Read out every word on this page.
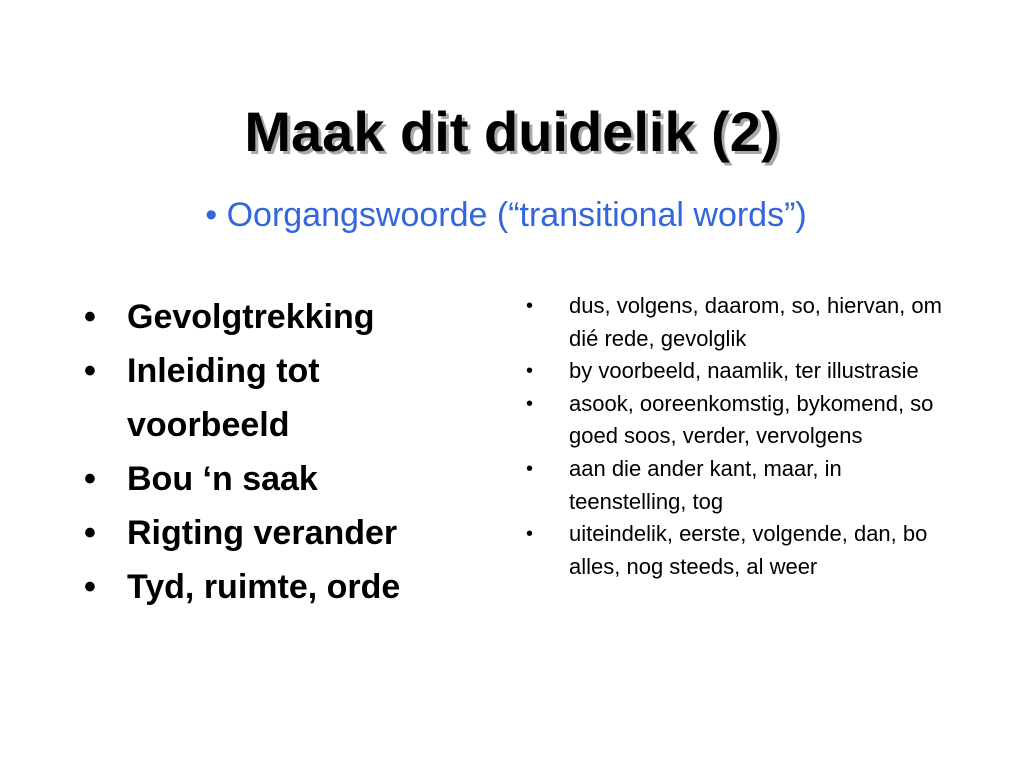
Maak dit duidelik (2)
• Oorgangswoorde (“transitional words”)
• Gevolgtrekking
• Inleiding tot voorbeeld
• Bou ‘n saak
• Rigting verander
• Tyd, ruimte, orde
•	dus, volgens, daarom, so, hiervan, om dié rede, gevolglik
•	by voorbeeld, naamlik, ter illustrasie
•	asook, ooreenkomstig, bykomend, so goed soos, verder, vervolgens
•	aan die ander kant, maar, in teenstelling, tog
•	uiteindelik, eerste, volgende, dan, bo alles, nog steeds, al weer
